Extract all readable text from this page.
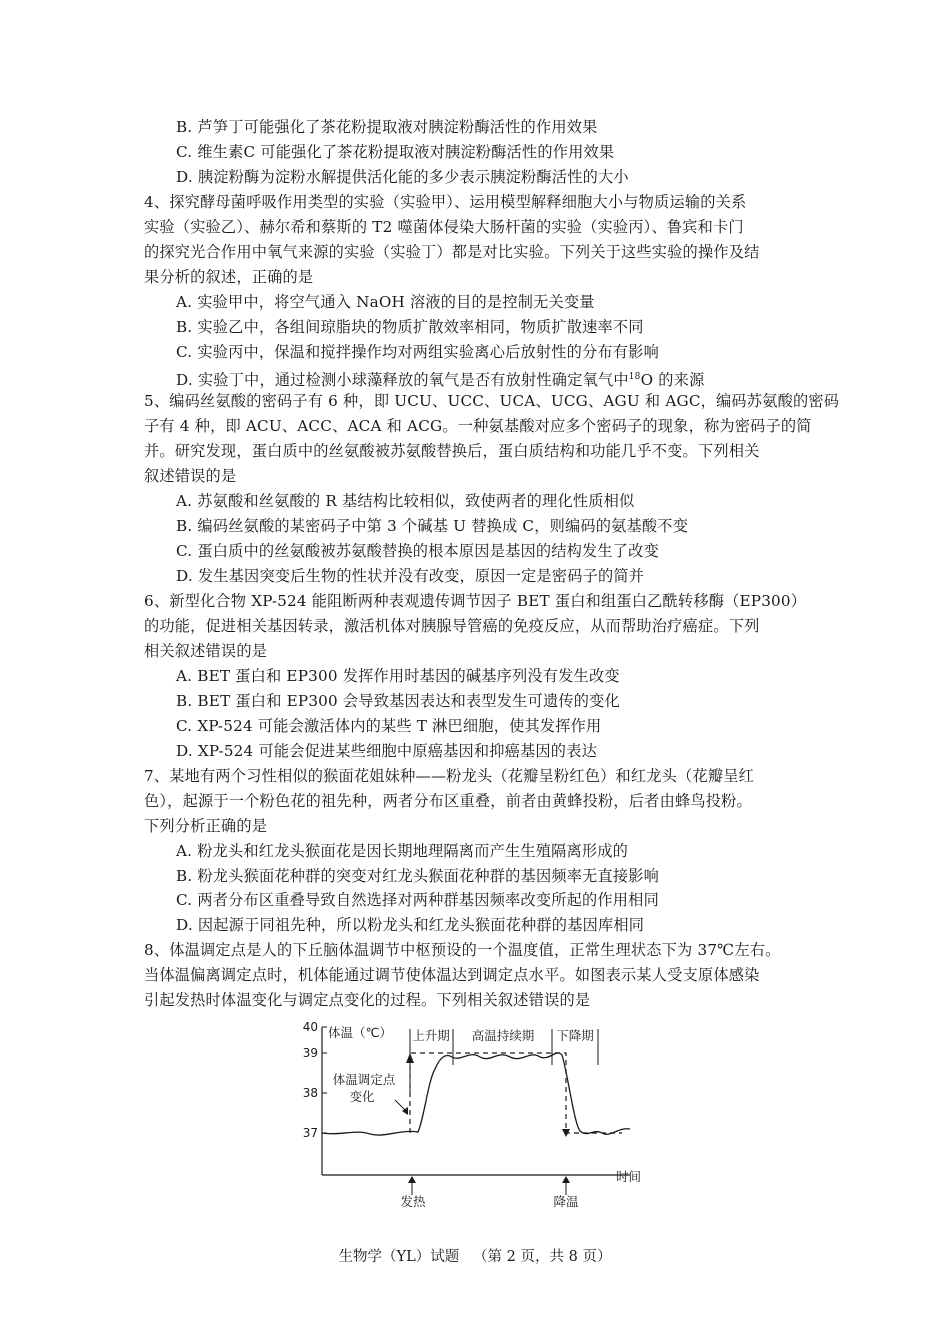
B. 芦笋丁可能强化了茶花粉提取液对胰淀粉酶活性的作用效果
C. 维生素C 可能强化了茶花粉提取液对胰淀粉酶活性的作用效果
D. 胰淀粉酶为淀粉水解提供活化能的多少表示胰淀粉酶活性的大小
4、探究酵母菌呼吸作用类型的实验（实验甲）、运用模型解释细胞大小与物质运输的关系
实验（实验乙）、赫尔希和蔡斯的 T2 噬菌体侵染大肠杆菌的实验（实验丙）、鲁宾和卡门
的探究光合作用中氧气来源的实验（实验丁）都是对比实验。下列关于这些实验的操作及结
果分析的叙述，正确的是
A. 实验甲中，将空气通入 NaOH 溶液的目的是控制无关变量
B. 实验乙中，各组间琼脂块的物质扩散效率相同，物质扩散速率不同
C. 实验丙中，保温和搅拌操作均对两组实验离心后放射性的分布有影响
D. 实验丁中，通过检测小球藻释放的氧气是否有放射性确定氧气中$^{18}$O 的来源
5、编码丝氨酸的密码子有 6 种，即 UCU、UCC、UCA、UCG、AGU 和 AGC，编码苏氨酸的密码
子有 4 种，即 ACU、ACC、ACA 和 ACG。一种氨基酸对应多个密码子的现象，称为密码子的简
并。研究发现，蛋白质中的丝氨酸被苏氨酸替换后，蛋白质结构和功能几乎不变。下列相关
叙述错误的是
A. 苏氨酸和丝氨酸的 R 基结构比较相似，致使两者的理化性质相似
B. 编码丝氨酸的某密码子中第 3 个碱基 U 替换成 C，则编码的氨基酸不变
C. 蛋白质中的丝氨酸被苏氨酸替换的根本原因是基因的结构发生了改变
D. 发生基因突变后生物的性状并没有改变，原因一定是密码子的简并
6、新型化合物 XP-524 能阻断两种表观遗传调节因子 BET 蛋白和组蛋白乙酰转移酶（EP300）
的功能，促进相关基因转录，激活机体对胰腺导管癌的免疫反应，从而帮助治疗癌症。下列
相关叙述错误的是
A. BET 蛋白和 EP300 发挥作用时基因的碱基序列没有发生改变
B. BET 蛋白和 EP300 会导致基因表达和表型发生可遗传的变化
C. XP-524 可能会激活体内的某些 T 淋巴细胞，使其发挥作用
D. XP-524 可能会促进某些细胞中原癌基因和抑癌基因的表达
7、某地有两个习性相似的猴面花姐妹种——粉龙头（花瓣呈粉红色）和红龙头（花瓣呈红
色），起源于一个粉色花的祖先种，两者分布区重叠，前者由黄蜂投粉，后者由蜂鸟投粉。
下列分析正确的是
A. 粉龙头和红龙头猴面花是因长期地理隔离而产生生殖隔离形成的
B. 粉龙头猴面花种群的突变对红龙头猴面花种群的基因频率无直接影响
C. 两者分布区重叠导致自然选择对两种群基因频率改变所起的作用相同
D. 因起源于同祖先种，所以粉龙头和红龙头猴面花种群的基因库相同
8、体温调定点是人的下丘脑体温调节中枢预设的一个温度值，正常生理状态下为 37℃左右。
当体温偏离调定点时，机体能通过调节使体温达到调定点水平。如图表示某人受支原体感染
引起发热时体温变化与调定点变化的过程。下列相关叙述错误的是
40
39
38
37
体温（℃）
时间
上升期 高温持续期 下降期
体温调定点
变化
发热	降温
生物学（YL）试题   （第 2 页，共 8 页）
